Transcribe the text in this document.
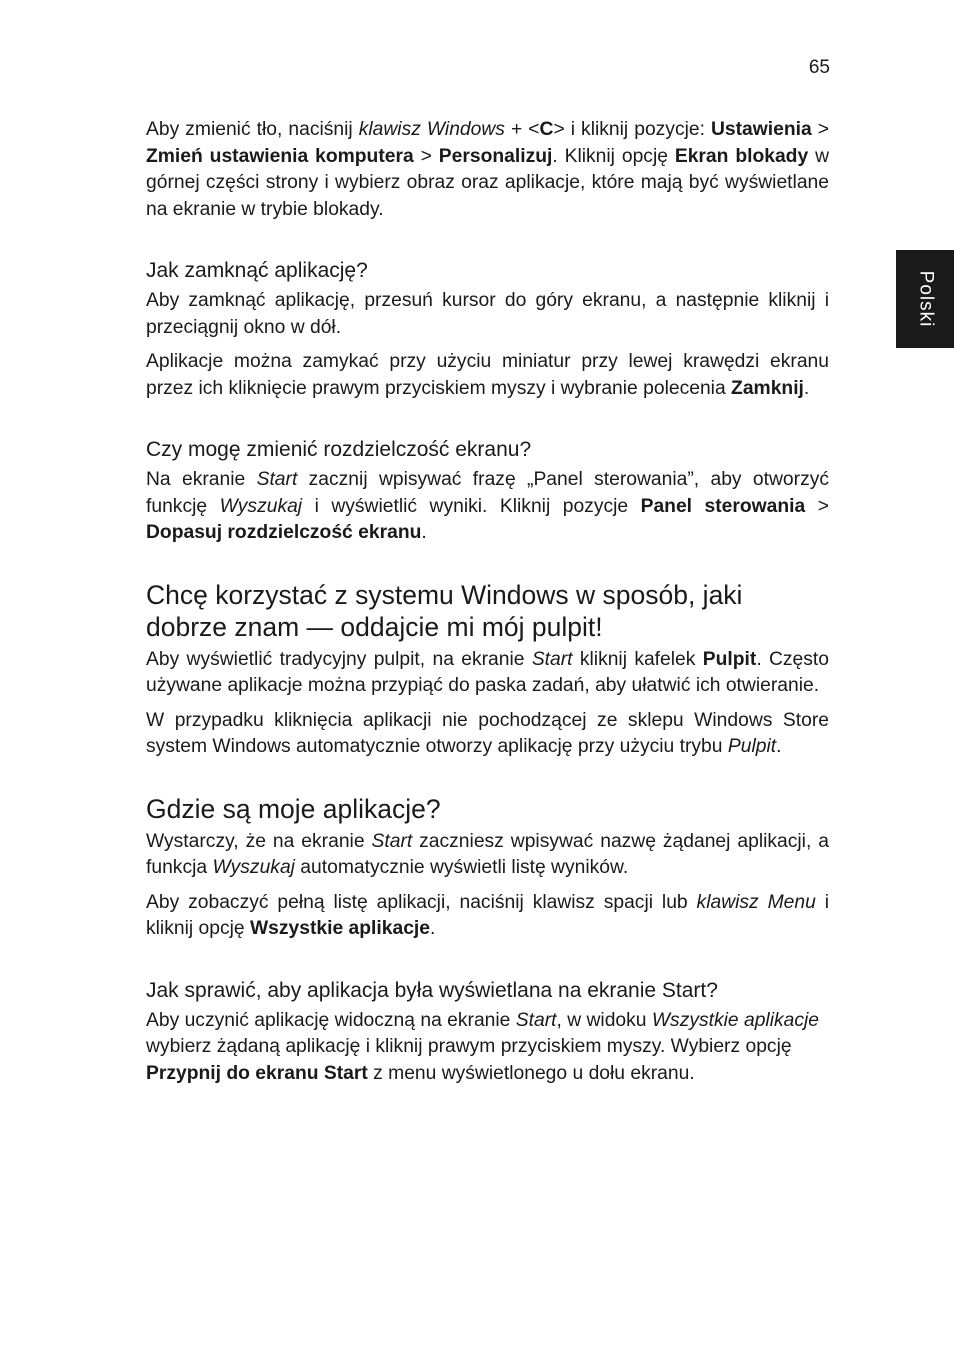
65
Polski

Aby zmienić tło, naciśnij klawisz Windows + <C> i kliknij pozycje: Ustawienia > Zmień ustawienia komputera > Personalizuj. Kliknij opcję Ekran blokady w górnej części strony i wybierz obraz oraz aplikacje, które mają być wyświetlane na ekranie w trybie blokady.

Jak zamknąć aplikację?

Aby zamknąć aplikację, przesuń kursor do góry ekranu, a następnie kliknij i przeciągnij okno w dół.

Aplikacje można zamykać przy użyciu miniatur przy lewej krawędzi ekranu przez ich kliknięcie prawym przyciskiem myszy i wybranie polecenia Zamknij.

Czy mogę zmienić rozdzielczość ekranu?

Na ekranie Start zacznij wpisywać frazę „Panel sterowania”, aby otworzyć funkcję Wyszukaj i wyświetlić wyniki. Kliknij pozycje Panel sterowania > Dopasuj rozdzielczość ekranu.

Chcę korzystać z systemu Windows w sposób, jaki dobrze znam — oddajcie mi mój pulpit!

Aby wyświetlić tradycyjny pulpit, na ekranie Start kliknij kafelek Pulpit. Często używane aplikacje można przypiąć do paska zadań, aby ułatwić ich otwieranie.

W przypadku kliknięcia aplikacji nie pochodzącej ze sklepu Windows Store system Windows automatycznie otworzy aplikację przy użyciu trybu Pulpit.

Gdzie są moje aplikacje?

Wystarczy, że na ekranie Start zaczniesz wpisywać nazwę żądanej aplikacji, a funkcja Wyszukaj automatycznie wyświetli listę wyników.

Aby zobaczyć pełną listę aplikacji, naciśnij klawisz spacji lub klawisz Menu i kliknij opcję Wszystkie aplikacje.

Jak sprawić, aby aplikacja była wyświetlana na ekranie Start?

Aby uczynić aplikację widoczną na ekranie Start, w widoku Wszystkie aplikacje wybierz żądaną aplikację i kliknij prawym przyciskiem myszy. Wybierz opcję Przypnij do ekranu Start z menu wyświetlonego u dołu ekranu.
